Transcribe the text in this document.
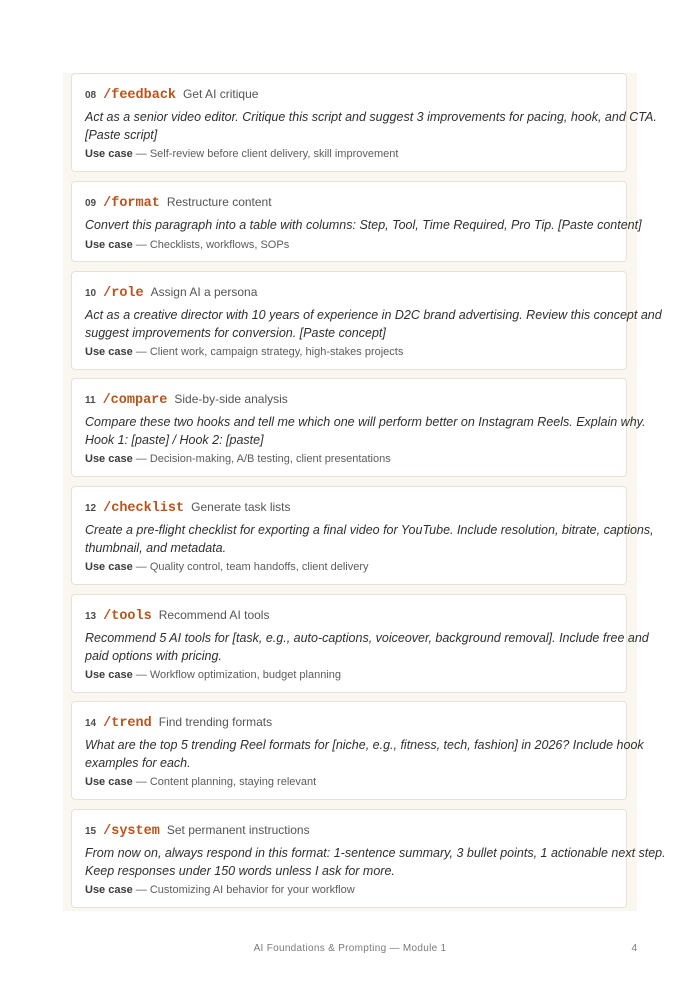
08 /feedback Get AI critique
Act as a senior video editor. Critique this script and suggest 3 improvements for pacing, hook, and CTA.
[Paste script]
Use case — Self-review before client delivery, skill improvement
09 /format Restructure content
Convert this paragraph into a table with columns: Step, Tool, Time Required, Pro Tip. [Paste content]
Use case — Checklists, workflows, SOPs
10 /role Assign AI a persona
Act as a creative director with 10 years of experience in D2C brand advertising. Review this concept and
suggest improvements for conversion. [Paste concept]
Use case — Client work, campaign strategy, high-stakes projects
11 /compare Side-by-side analysis
Compare these two hooks and tell me which one will perform better on Instagram Reels. Explain why.
Hook 1: [paste] / Hook 2: [paste]
Use case — Decision-making, A/B testing, client presentations
12 /checklist Generate task lists
Create a pre-flight checklist for exporting a final video for YouTube. Include resolution, bitrate, captions,
thumbnail, and metadata.
Use case — Quality control, team handoffs, client delivery
13 /tools Recommend AI tools
Recommend 5 AI tools for [task, e.g., auto-captions, voiceover, background removal]. Include free and
paid options with pricing.
Use case — Workflow optimization, budget planning
14 /trend Find trending formats
What are the top 5 trending Reel formats for [niche, e.g., fitness, tech, fashion] in 2026? Include hook
examples for each.
Use case — Content planning, staying relevant
15 /system Set permanent instructions
From now on, always respond in this format: 1-sentence summary, 3 bullet points, 1 actionable next step.
Keep responses under 150 words unless I ask for more.
Use case — Customizing AI behavior for your workflow
AI Foundations & Prompting — Module 1	4
